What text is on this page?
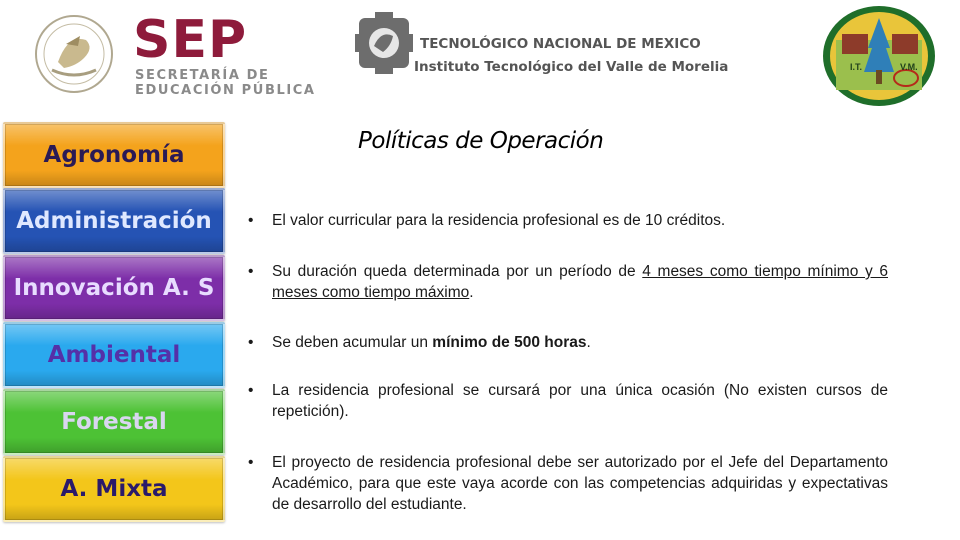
SEP
SECRETARÍA DE
EDUCACIÓN PÚBLICA
TECNOLÓGICO NACIONAL DE MEXICO
Instituto Tecnológico del Valle de Morelia	I.T.	V.M.
Agronomía
Administración
Innovación A. S
Ambiental
Forestal
A. Mixta
Políticas de Operación
•	El valor curricular para la residencia profesional es de 10 créditos.
•	Su duración queda determinada por un período de 4 meses como tiempo mínimo y 6 meses como tiempo máximo.
•	Se deben acumular un mínimo de 500 horas.
•	La residencia profesional se cursará por una única ocasión (No existen cursos de repetición).
•	El proyecto de residencia profesional debe ser autorizado por el Jefe del Departamento Académico, para que este vaya acorde con las competencias adquiridas y expectativas de desarrollo del estudiante.
